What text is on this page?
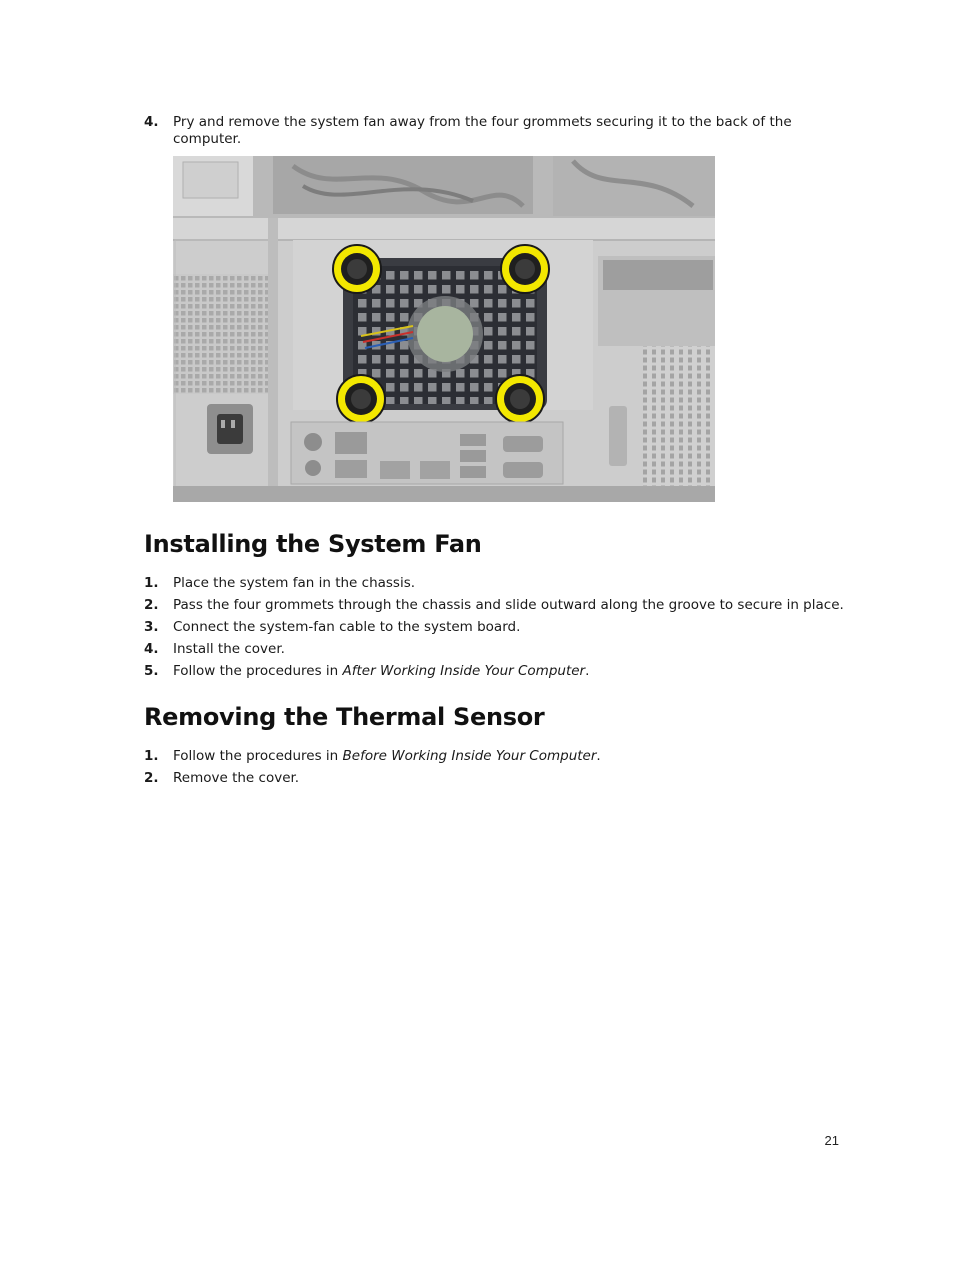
4. Pry and remove the system fan away from the four grommets securing it to the back of the computer.
Installing the System Fan
1. Place the system fan in the chassis.
2. Pass the four grommets through the chassis and slide outward along the groove to secure in place.
3. Connect the system-fan cable to the system board.
4. Install the cover.
5. Follow the procedures in After Working Inside Your Computer.
Removing the Thermal Sensor
1. Follow the procedures in Before Working Inside Your Computer.
2. Remove the cover.
21
